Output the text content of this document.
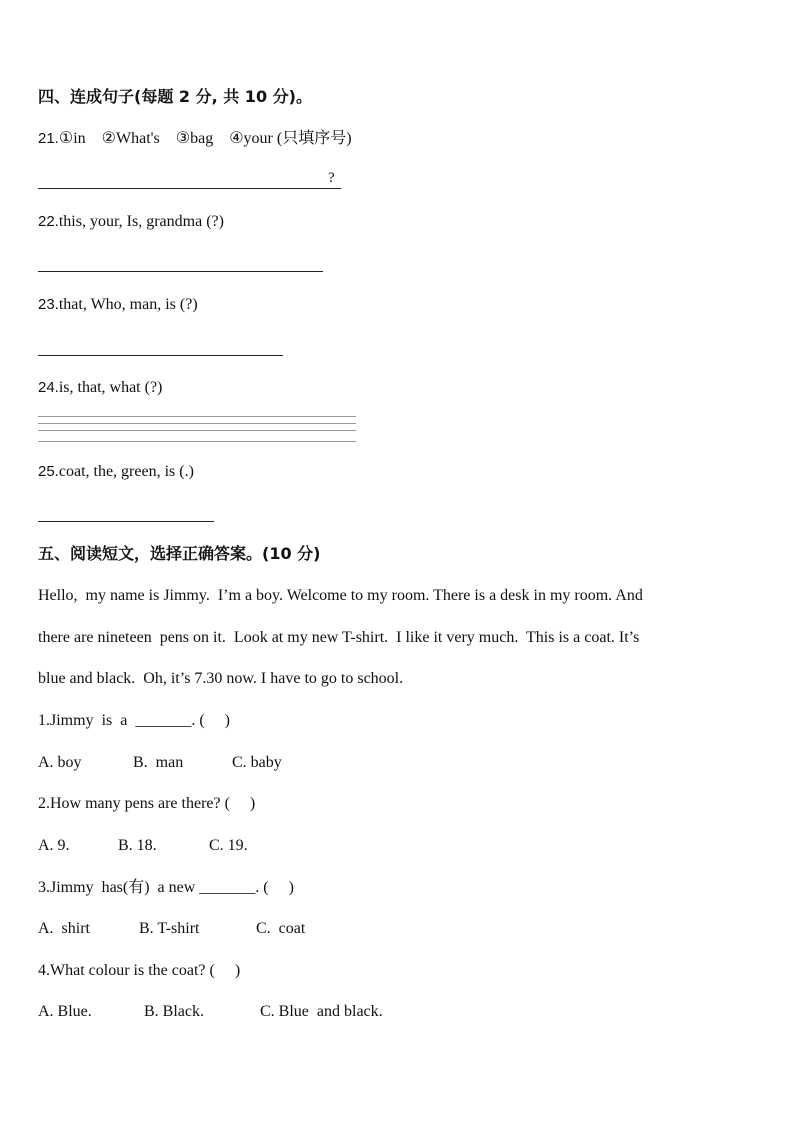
四、连成句子(每题 2 分, 共 10 分)。
21.①in    ②What's    ③bag    ④your (只填序号)
?
22.this, your, Is, grandma (?)
23.that, Who, man, is (?)
24.is, that, what (?)
25.coat, the, green, is (.)
五、阅读短文，选择正确答案。(10 分)
Hello,  my name is Jimmy.  I’m a boy. Welcome to my room. There is a desk in my room. And
there are nineteen  pens on it.  Look at my new T-shirt.  I like it very much.  This is a coat. It’s
blue and black.  Oh, it’s 7.30 now. I have to go to school.
1.Jimmy  is  a  _______. (     )
A. boy	B.  man	C. baby
2.How many pens are there? (     )
A. 9.	B. 18.	C. 19.
3.Jimmy  has(有)  a new _______. (     )
A.  shirt	B. T-shirt	C.  coat
4.What colour is the coat? (     )
A. Blue.	B. Black.	C. Blue  and black.
